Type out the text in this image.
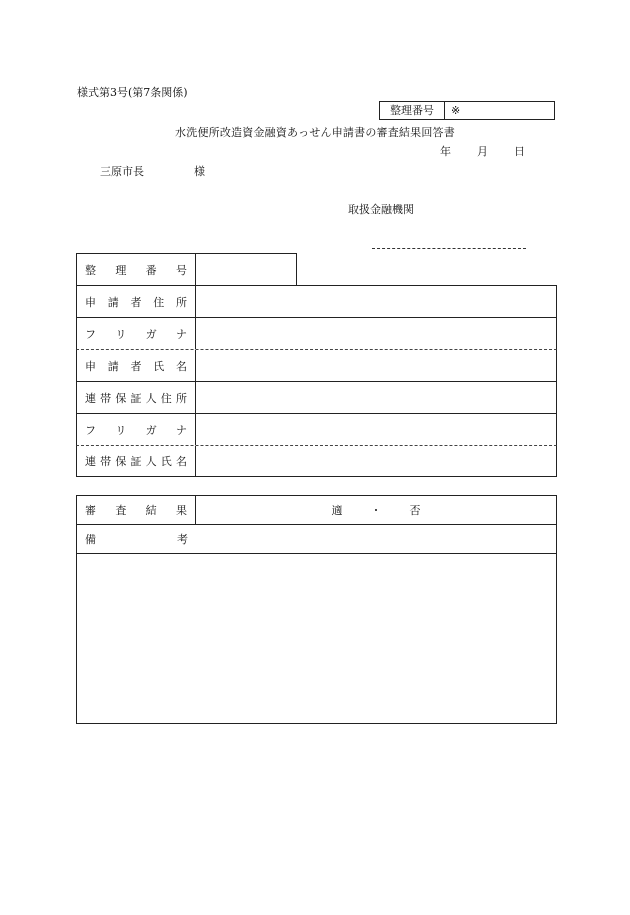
様式第3号(第7条関係)
整理番号	※
水洗便所改造資金融資あっせん申請書の審査結果回答書
年 月 日
三原市長	様
取扱金融機関
整 理 番 号
申 請 者 住 所
フ リ ガ ナ
申 請 者 氏 名
連 帯 保 証 人 住 所
フ リ ガ ナ
連 帯 保 証 人 氏 名
審 査 結 果	適	・	否
備	考
